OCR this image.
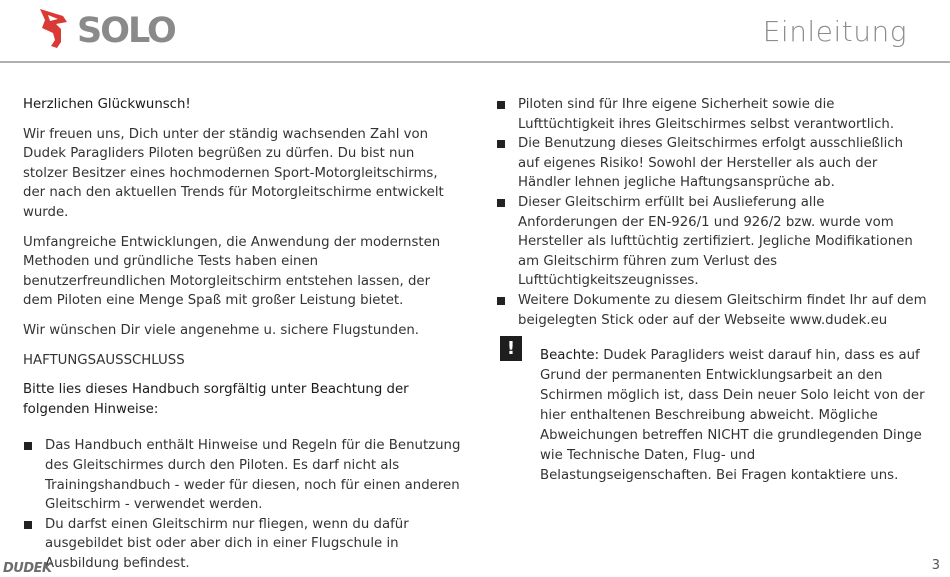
SOLO	Einleitung

Herzlichen Glückwunsch!

Wir freuen uns, Dich unter der ständig wachsenden Zahl von Dudek Paragliders Piloten begrüßen zu dürfen. Du bist nun stolzer Besitzer eines hochmodernen Sport-Motorgleitschirms, der nach den aktuellen Trends für Motorgleitschirme entwickelt wurde.

Umfangreiche Entwicklungen, die Anwendung der modernsten Methoden und gründliche Tests haben einen benutzerfreundlichen Motorgleitschirm entstehen lassen, der dem Piloten eine Menge Spaß mit großer Leistung bietet.

Wir wünschen Dir viele angenehme u. sichere Flugstunden.

HAFTUNGSAUSSCHLUSS

Bitte lies dieses Handbuch sorgfältig unter Beachtung der folgenden Hinweise:

Das Handbuch enthält Hinweise und Regeln für die Benutzung des Gleitschirmes durch den Piloten. Es darf nicht als Trainingshandbuch - weder für diesen, noch für einen anderen Gleitschirm - verwendet werden.
Du darfst einen Gleitschirm nur fliegen, wenn du dafür ausgebildet bist oder aber dich in einer Flugschule in Ausbildung befindest.
Piloten sind für Ihre eigene Sicherheit sowie die Lufttüchtigkeit ihres Gleitschirmes selbst verantwortlich.
Die Benutzung dieses Gleitschirmes erfolgt ausschließlich auf eigenes Risiko! Sowohl der Hersteller als auch der Händler lehnen jegliche Haftungsansprüche ab.
Dieser Gleitschirm erfüllt bei Auslieferung alle Anforderungen der EN-926/1 und 926/2 bzw. wurde vom Hersteller als lufttüchtig zertifiziert. Jegliche Modifikationen am Gleitschirm führen zum Verlust des Lufttüchtigkeitszeugnisses.
Weitere Dokumente zu diesem Gleitschirm findet Ihr auf dem beigelegten Stick oder auf der Webseite www.dudek.eu
!	Beachte: Dudek Paragliders weist darauf hin, dass es auf Grund der permanenten Entwicklungsarbeit an den Schirmen möglich ist, dass Dein neuer Solo leicht von der hier enthaltenen Beschreibung abweicht. Mögliche Abweichungen betreffen NICHT die grundlegenden Dinge wie Technische Daten, Flug- und Belastungseigenschaften. Bei Fragen kontaktiere uns.

DUDEK	3
